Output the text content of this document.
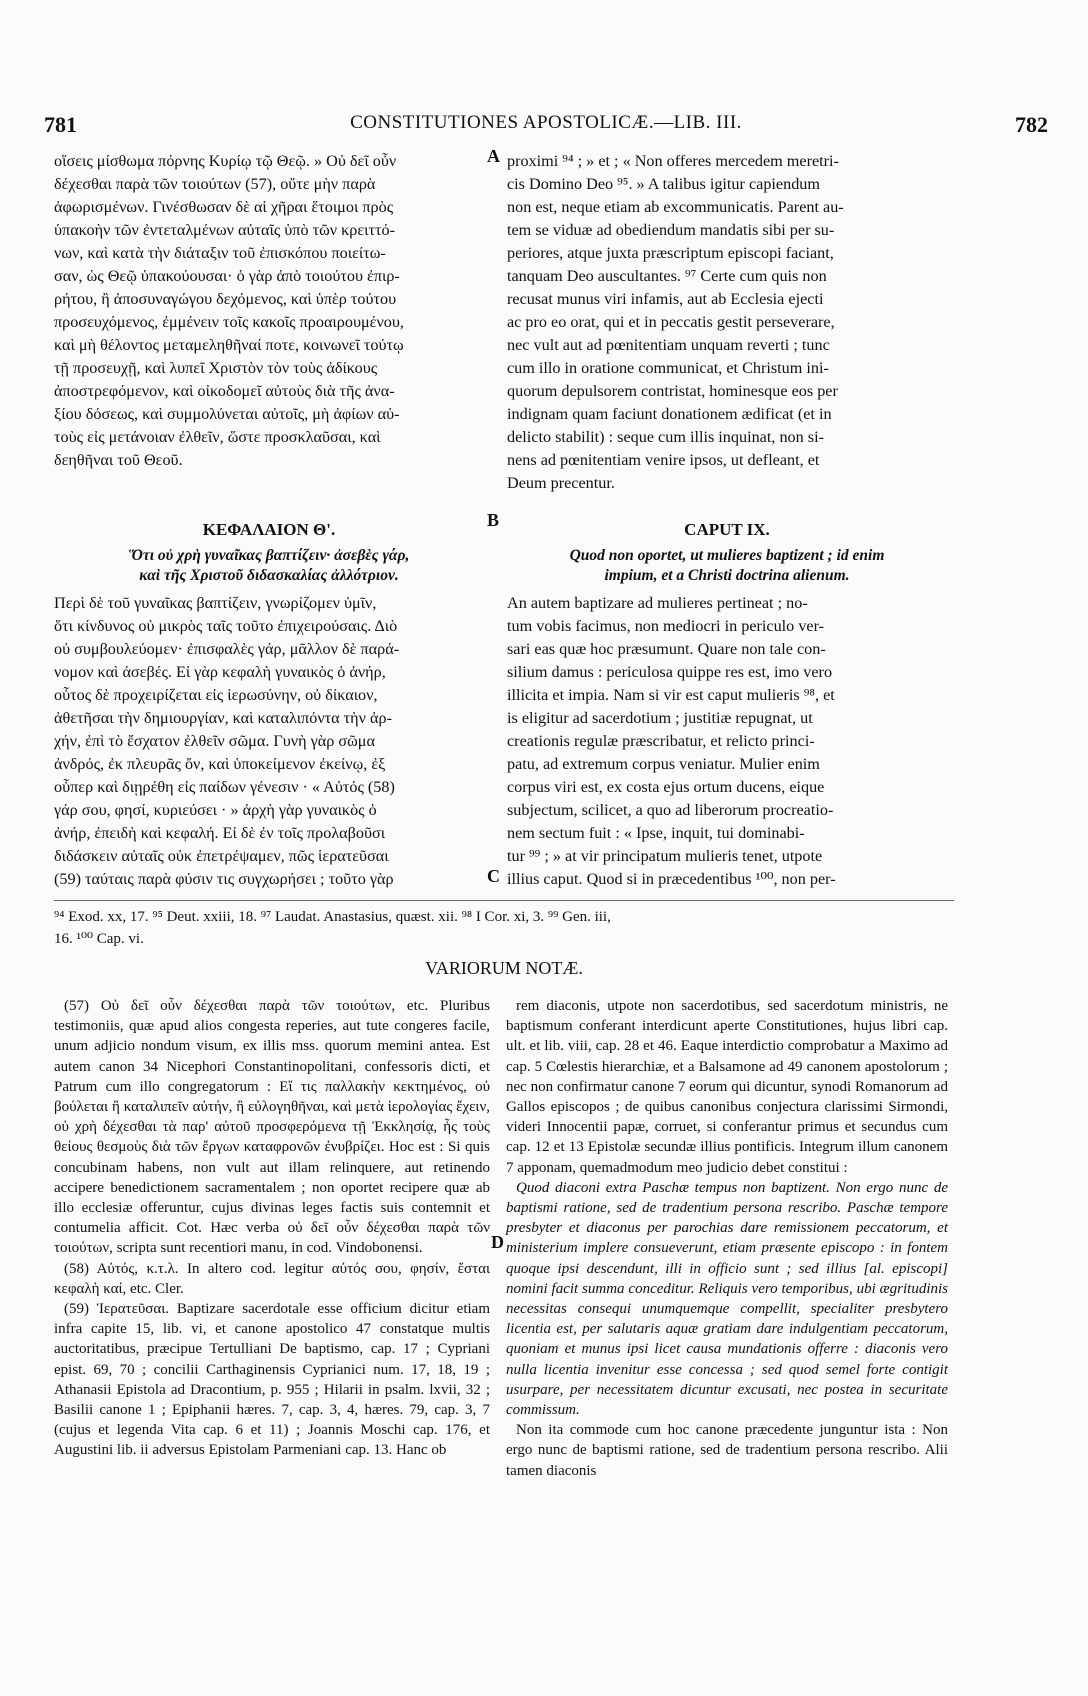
781	CONSTITUTIONES APOSTOLICÆ.—LIB. III.	782

οἵσεις μίσθωμα πόρνης Κυρίῳ τῷ Θεῷ. » Οὐ δεῖ οὖν

δέχεσθαι παρὰ τῶν τοιούτων (57), οὔτε μὴν παρὰ

ἀφωρισμένων. Γινέσθωσαν δὲ αἱ χῆραι ἕτοιμοι πρὸς

ὑπακοὴν τῶν ἐντεταλμένων αὐταῖς ὑπὸ τῶν κρειττό-

νων, καὶ κατὰ τὴν διάταξιν τοῦ ἐπισκόπου ποιείτω-

σαν, ὡς Θεῷ ὑπακούουσαι· ὁ γὰρ ἀπὸ τοιούτου ἐπιρ-

ρήτου, ἢ ἀποσυναγώγου δεχόμενος, καὶ ὑπὲρ τούτου

προσευχόμενος, ἐμμένειν τοῖς κακοῖς προαιρουμένου,

καὶ μὴ θέλοντος μεταμεληθῆναί ποτε, κοινωνεῖ τούτῳ

τῇ προσευχῇ, καὶ λυπεῖ Χριστὸν τὸν τοὺς ἀδίκους

ἀποστρεφόμενον, καὶ οἰκοδομεῖ αὐτοὺς διὰ τῆς ἀνα-

ξίου δόσεως, καὶ συμμολύνεται αὐτοῖς, μὴ ἀφίων αὐ-

τοὺς εἰς μετάνοιαν ἐλθεῖν, ὥστε προσκλαῦσαι, καὶ

δεηθῆναι τοῦ Θεοῦ.

proximi ⁹⁴ ; » et ; « Non offeres mercedem meretri-

cis Domino Deo ⁹⁵. » A talibus igitur capiendum

non est, neque etiam ab excommunicatis. Parent au-

tem se viduæ ad obediendum mandatis sibi per su-

periores, atque juxta præscriptum episcopi faciant,

tanquam Deo auscultantes. ⁹⁷ Certe cum quis non

recusat munus viri infamis, aut ab Ecclesia ejecti

ac pro eo orat, qui et in peccatis gestit perseverare,

nec vult aut ad pœnitentiam unquam reverti ; tunc

cum illo in oratione communicat, et Christum ini-

quorum depulsorem contristat, hominesque eos per

indignam quam faciunt donationem ædificat (et in

delicto stabilit) : seque cum illis inquinat, non si-

nens ad pœnitentiam venire ipsos, ut defleant, et

Deum precentur.

A
B
C
D
ΚΕΦΑΛΑΙΟΝ Θ'.
Ὅτι οὐ χρὴ γυναῖκας βαπτίζειν· ἀσεβὲς γάρ,
καὶ τῆς Χριστοῦ διδασκαλίας ἀλλότριον.
CAPUT IX.
Quod non oportet, ut mulieres baptizent ; id enim
impium, et a Christi doctrina alienum.

Περὶ δὲ τοῦ γυναῖκας βαπτίζειν, γνωρίζομεν ὑμῖν,

ὅτι κίνδυνος οὐ μικρὸς ταῖς τοῦτο ἐπιχειρούσαις. Διὸ

οὐ συμβουλεύομεν· ἐπισφαλὲς γάρ, μᾶλλον δὲ παρά-

νομον καὶ ἀσεβές. Εἰ γὰρ κεφαλὴ γυναικὸς ὁ ἀνήρ,

οὗτος δὲ προχειρίζεται εἰς ἱερωσύνην, οὐ δίκαιον,

ἀθετῆσαι τὴν δημιουργίαν, καὶ καταλιπόντα τὴν ἀρ-

χήν, ἐπὶ τὸ ἔσχατον ἐλθεῖν σῶμα. Γυνὴ γὰρ σῶμα

ἀνδρός, ἐκ πλευρᾶς ὄν, καὶ ὑποκείμενον ἐκείνῳ, ἐξ

οὗπερ καὶ διῃρέθη εἰς παίδων γένεσιν · « Αὐτός (58)

γάρ σου, φησί, κυριεύσει · » ἀρχὴ γὰρ γυναικὸς ὁ

ἀνήρ, ἐπειδὴ καὶ κεφαλή. Εἰ δὲ ἐν τοῖς προλαβοῦσι

διδάσκειν αὐταῖς οὐκ ἐπετρέψαμεν, πῶς ἱερατεῦσαι

(59) ταύταις παρὰ φύσιν τις συγχωρήσει ; τοῦτο γὰρ

An autem baptizare ad mulieres pertineat ; no-

tum vobis facimus, non mediocri in periculo ver-

sari eas quæ hoc præsumunt. Quare non tale con-

silium damus : periculosa quippe res est, imo vero

illicita et impia. Nam si vir est caput mulieris ⁹⁸, et

is eligitur ad sacerdotium ; justitiæ repugnat, ut

creationis regulæ præscribatur, et relicto princi-

patu, ad extremum corpus veniatur. Mulier enim

corpus viri est, ex costa ejus ortum ducens, eique

subjectum, scilicet, a quo ad liberorum procreatio-

nem sectum fuit : « Ipse, inquit, tui dominabi-

tur ⁹⁹ ; » at vir principatum mulieris tenet, utpote

illius caput. Quod si in præcedentibus ¹⁰⁰, non per-

⁹⁴ Exod. xx, 17. ⁹⁵ Deut. xxiii, 18. ⁹⁷ Laudat. Anastasius, quæst. xii. ⁹⁸ I Cor. xi, 3. ⁹⁹ Gen. iii,
16. ¹⁰⁰ Cap. vi.
VARIORUM NOTÆ.

(57) Οὐ δεῖ οὖν δέχεσθαι παρὰ τῶν τοιούτων, etc. Pluribus testimoniis, quæ apud alios congesta reperies, aut tute congeres facile, unum adjicio nondum visum, ex illis mss. quorum memini antea. Est autem canon 34 Nicephori Constantinopolitani, confessoris dicti, et Patrum cum illo congregatorum : Εἴ τις παλλακὴν κεκτημένος, οὐ βούλεται ἢ καταλιπεῖν αὐτήν, ἢ εὐλογηθῆναι, καὶ μετὰ ἱερολογίας ἔχειν, οὐ χρὴ δέχεσθαι τὰ παρ' αὐτοῦ προσφερόμενα τῇ Ἐκκλησίᾳ, ἧς τοὺς θείους θεσμοὺς διὰ τῶν ἔργων καταφρονῶν ἐνυβρίζει. Hoc est : Si quis concubinam habens, non vult aut illam relinquere, aut retinendo accipere benedictionem sacramentalem ; non oportet recipere quæ ab illo ecclesiæ offeruntur, cujus divinas leges factis suis contemnit et contumelia afficit. Cot. Hæc verba οὐ δεῖ οὖν δέχεσθαι παρὰ τῶν τοιούτων, scripta sunt recentiori manu, in cod. Vindobonensi.

(58) Αὐτός, κ.τ.λ. In altero cod. legitur αὐτός σου, φησίν, ἔσται κεφαλὴ καί, etc. Cler.

(59) Ἱερατεῦσαι. Baptizare sacerdotale esse officium dicitur etiam infra capite 15, lib. vi, et canone apostolico 47 constatque multis auctoritatibus, præcipue Tertulliani De baptismo, cap. 17 ; Cypriani epist. 69, 70 ; concilii Carthaginensis Cyprianici num. 17, 18, 19 ; Athanasii Epistola ad Dracontium, p. 955 ; Hilarii in psalm. lxvii, 32 ; Basilii canone 1 ; Epiphanii hæres. 7, cap. 3, 4, hæres. 79, cap. 3, 7 (cujus et legenda Vita cap. 6 et 11) ; Joannis Moschi cap. 176, et Augustini lib. ii adversus Epistolam Parmeniani cap. 13. Hanc ob

rem diaconis, utpote non sacerdotibus, sed sacerdotum ministris, ne baptismum conferant interdicunt aperte Constitutiones, hujus libri cap. ult. et lib. viii, cap. 28 et 46. Eaque interdictio comprobatur a Maximo ad cap. 5 Cœlestis hierarchiæ, et a Balsamone ad 49 canonem apostolorum ; nec non confirmatur canone 7 eorum qui dicuntur, synodi Romanorum ad Gallos episcopos ; de quibus canonibus conjectura clarissimi Sirmondi, videri Innocentii papæ, corruet, si conferantur primus et secundus cum cap. 12 et 13 Epistolæ secundæ illius pontificis. Integrum illum canonem 7 apponam, quemadmodum meo judicio debet constitui :

Quod diaconi extra Paschæ tempus non baptizent. Non ergo nunc de baptismi ratione, sed de tradentium persona rescribo. Paschæ tempore presbyter et diaconus per parochias dare remissionem peccatorum, et ministerium implere consueverunt, etiam præsente episcopo : in fontem quoque ipsi descendunt, illi in officio sunt ; sed illius [al. episcopi] nomini facit summa conceditur. Reliquis vero temporibus, ubi ægritudinis necessitas consequi unumquemque compellit, specialiter presbytero licentia est, per salutaris aquæ gratiam dare indulgentiam peccatorum, quoniam et munus ipsi licet causa mundationis offerre : diaconis vero nulla licentia invenitur esse concessa ; sed quod semel forte contigit usurpare, per necessitatem dicuntur excusati, nec postea in securitate commissum.

Non ita commode cum hoc canone præcedente junguntur ista : Non ergo nunc de baptismi ratione, sed de tradentium persona rescribo. Alii tamen diaconis
